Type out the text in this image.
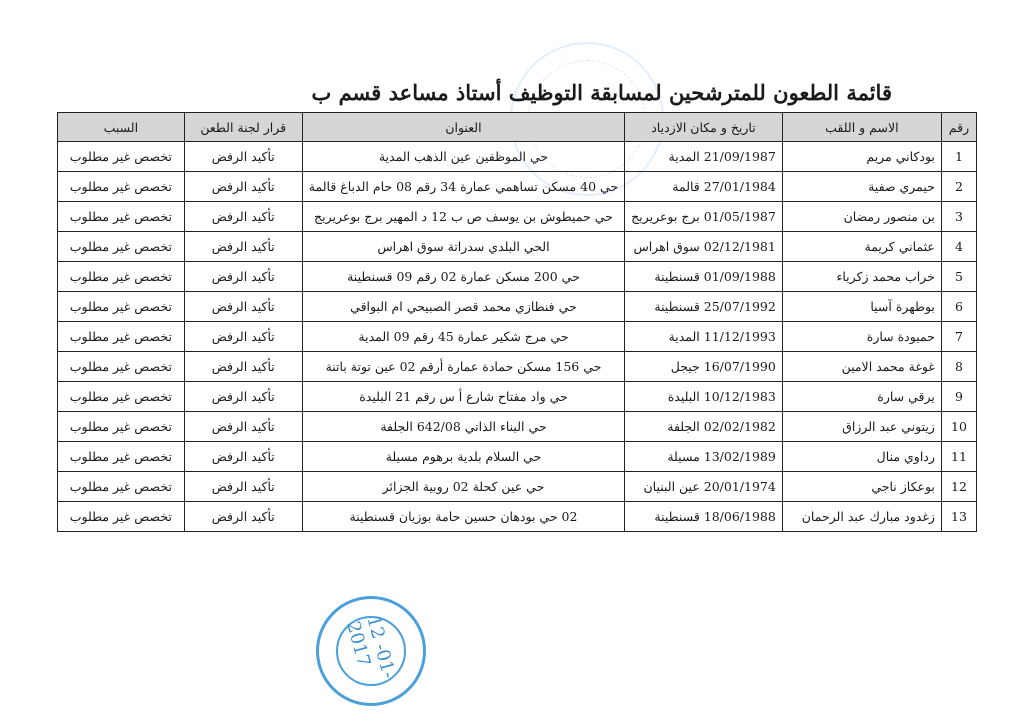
قائمة الطعون للمترشحين لمسابقة التوظيف أستاذ مساعد قسم ب
رقم	الاسم و اللقب	تاريخ و مكان الازدياد	العنوان	قرار لجنة الطعن	السبب
1	بودكاني مريم	21/09/1987 المدية	حي الموظفين عين الذهب المدية	تأكيد الرفض	تخصص غير مطلوب
2	حيمري صفية	27/01/1984 قالمة	حي 40 مسكن تساهمي عمارة 34 رقم 08 حام الدباغ قالمة	تأكيد الرفض	تخصص غير مطلوب
3	بن منصور رمضان	01/05/1987 برج بوعريريج	حي حميطوش بن يوسف ص ب 12 د المهير برج بوعريريج	تأكيد الرفض	تخصص غير مطلوب
4	عثماني كريمة	02/12/1981 سوق اهراس	الحي البلدي سدراتة سوق اهراس	تأكيد الرفض	تخصص غير مطلوب
5	خراب محمد زكرياء	01/09/1988 قسنطينة	حي 200 مسكن عمارة 02 رقم 09 قسنطينة	تأكيد الرفض	تخصص غير مطلوب
6	بوطهرة آسيا	25/07/1992 قسنطينة	حي فنطازي محمد قصر الصبيحي ام البواقي	تأكيد الرفض	تخصص غير مطلوب
7	حميودة سارة	11/12/1993 المدية	حي مرج شكير عمارة 45 رقم 09 المدية	تأكيد الرفض	تخصص غير مطلوب
8	غوغة محمد الامين	16/07/1990 جيجل	حي 156 مسكن حمادة عمارة أرقم 02 عين توتة باتنة	تأكيد الرفض	تخصص غير مطلوب
9	يرقي سارة	10/12/1983 البليدة	حي واد مفتاح شارع أ س رقم 21 البليدة	تأكيد الرفض	تخصص غير مطلوب
10	زيتوني عبد الرزاق	02/02/1982 الجلفة	حي البناء الذاتي 642/08 الجلفة	تأكيد الرفض	تخصص غير مطلوب
11	رداوي منال	13/02/1989 مسيلة	حي السلام بلدية برهوم مسيلة	تأكيد الرفض	تخصص غير مطلوب
12	بوعكاز ناجي	20/01/1974 عين البنيان	حي عين كحلة 02 روبية الجزائر	تأكيد الرفض	تخصص غير مطلوب
13	زغدود مبارك عبد الرحمان	18/06/1988 قسنطينة	02 حي بودهان حسين حامة بوزيان قسنطينة	تأكيد الرفض	تخصص غير مطلوب
12 -01- 2017
